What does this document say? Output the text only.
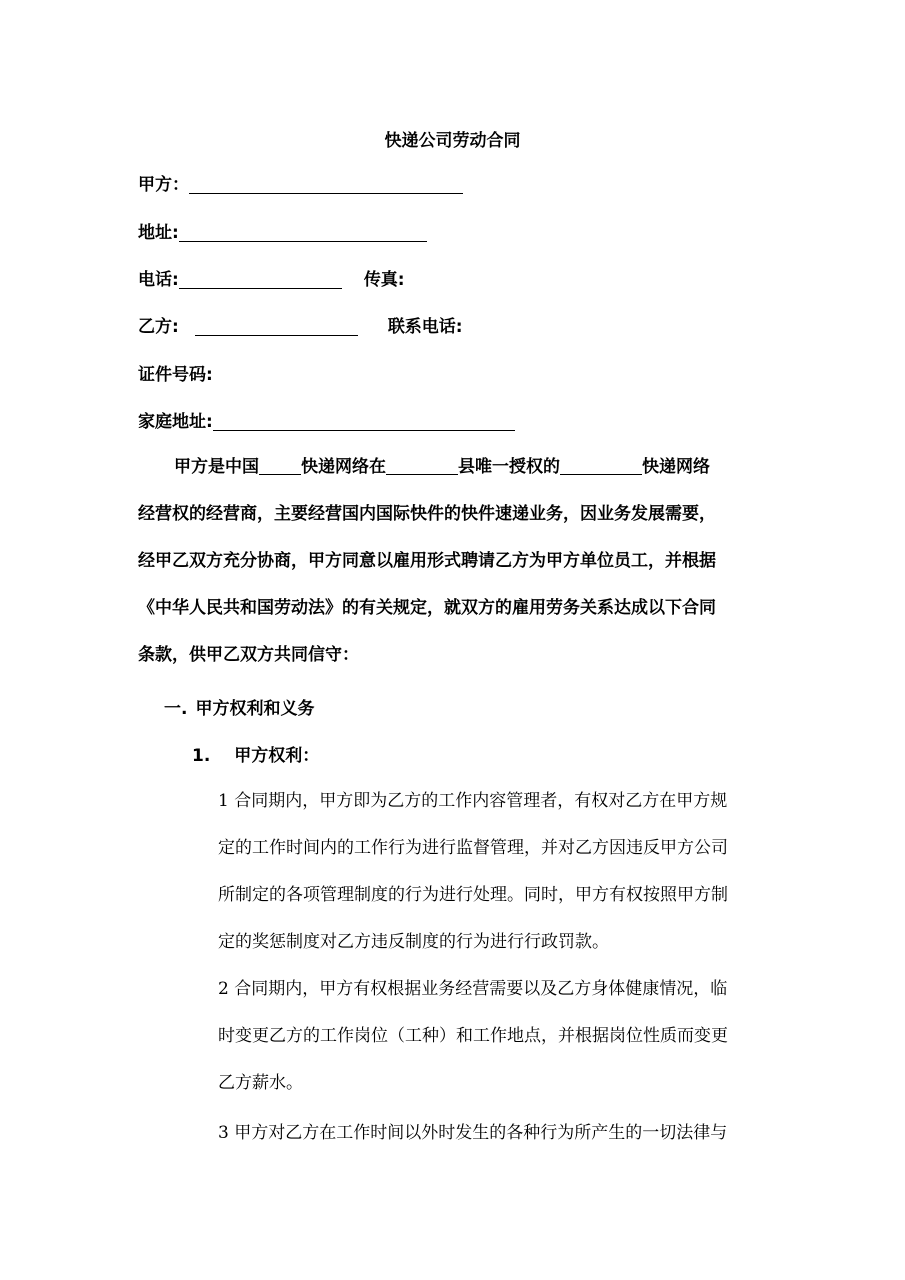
快递公司劳动合同
甲方：
地址:
电话:	传真:
乙方:	联系电话:
证件号码:
家庭地址:
甲方是中国 快递网络在	县唯一授权的	快递网络
经营权的经营商，主要经营国内国际快件的快件速递业务，因业务发展需要，
经甲乙双方充分协商，甲方同意以雇用形式聘请乙方为甲方单位员工，并根据
《中华人民共和国劳动法》的有关规定，就双方的雇用劳务关系达成以下合同
条款，供甲乙双方共同信守：
一. 甲方权利和义务
1. 甲方权利：
1 合同期内，甲方即为乙方的工作内容管理者，有权对乙方在甲方规
定的工作时间内的工作行为进行监督管理，并对乙方因违反甲方公司
所制定的各项管理制度的行为进行处理。同时，甲方有权按照甲方制
定的奖惩制度对乙方违反制度的行为进行行政罚款。
2 合同期内，甲方有权根据业务经营需要以及乙方身体健康情况，临
时变更乙方的工作岗位（工种）和工作地点，并根据岗位性质而变更
乙方薪水。
3 甲方对乙方在工作时间以外时发生的各种行为所产生的一切法律与
